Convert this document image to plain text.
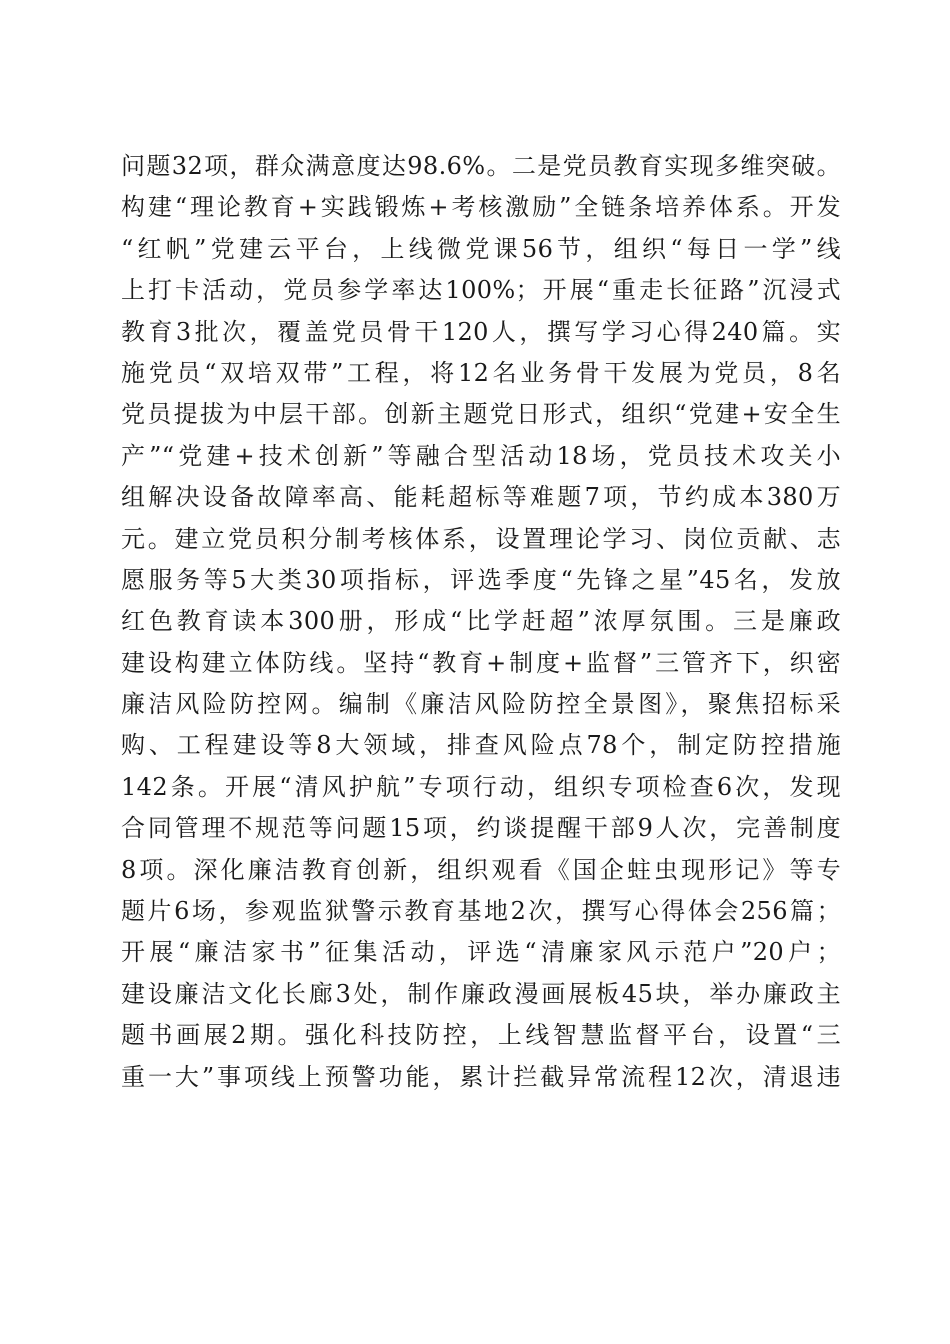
问题32项，群众满意度达98.6%。二是党员教育实现多维突破。
构建“理论教育+实践锻炼+考核激励”全链条培养体系。开发
“红帆”党建云平台，上线微党课56节，组织“每日一学”线
上打卡活动，党员参学率达100%；开展“重走长征路”沉浸式
教育3批次，覆盖党员骨干120人，撰写学习心得240篇。实
施党员“双培双带”工程，将12名业务骨干发展为党员，8名
党员提拔为中层干部。创新主题党日形式，组织“党建+安全生
产”“党建+技术创新”等融合型活动18场，党员技术攻关小
组解决设备故障率高、能耗超标等难题7项，节约成本380万
元。建立党员积分制考核体系，设置理论学习、岗位贡献、志
愿服务等5大类30项指标，评选季度“先锋之星”45名，发放
红色教育读本300册，形成“比学赶超”浓厚氛围。三是廉政
建设构建立体防线。坚持“教育+制度+监督”三管齐下，织密
廉洁风险防控网。编制《廉洁风险防控全景图》，聚焦招标采
购、工程建设等8大领域，排查风险点78个，制定防控措施
142条。开展“清风护航”专项行动，组织专项检查6次，发现
合同管理不规范等问题15项，约谈提醒干部9人次，完善制度
8项。深化廉洁教育创新，组织观看《国企蛀虫现形记》等专
题片6场，参观监狱警示教育基地2次，撰写心得体会256篇；
开展“廉洁家书”征集活动，评选“清廉家风示范户”20户；
建设廉洁文化长廊3处，制作廉政漫画展板45块，举办廉政主
题书画展2期。强化科技防控，上线智慧监督平台，设置“三
重一大”事项线上预警功能，累计拦截异常流程12次，清退违
